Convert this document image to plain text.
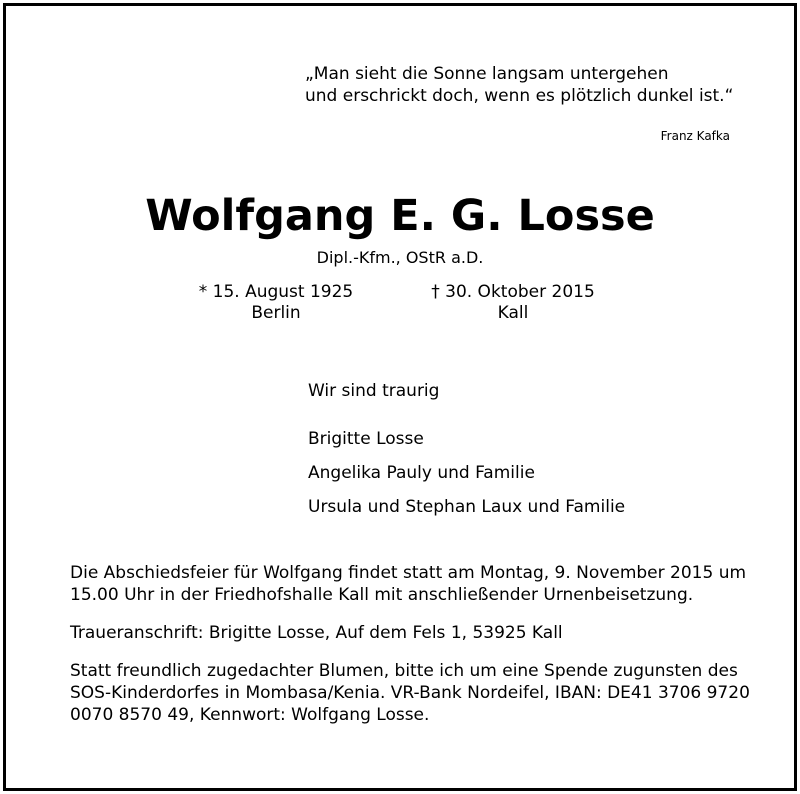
„Man sieht die Sonne langsam untergehen
und erschrickt doch, wenn es plötzlich dunkel ist.“
Franz Kafka
Wolfgang E. G. Losse
Dipl.-Kfm., OStR a.D.
* 15. August 1925
Berlin
† 30. Oktober 2015
Kall
Wir sind traurig
Brigitte Losse
Angelika Pauly und Familie
Ursula und Stephan Laux und Familie

Die Abschiedsfeier für Wolfgang findet statt am Montag, 9. November 2015 um
15.00 Uhr in der Friedhofshalle Kall mit anschließender Urnenbeisetzung.

Traueranschrift: Brigitte Losse, Auf dem Fels 1, 53925 Kall

Statt freundlich zugedachter Blumen, bitte ich um eine Spende zugunsten des
SOS-Kinderdorfes in Mombasa/Kenia. VR-Bank Nordeifel, IBAN: DE41 3706 9720
0070 8570 49, Kennwort: Wolfgang Losse.
